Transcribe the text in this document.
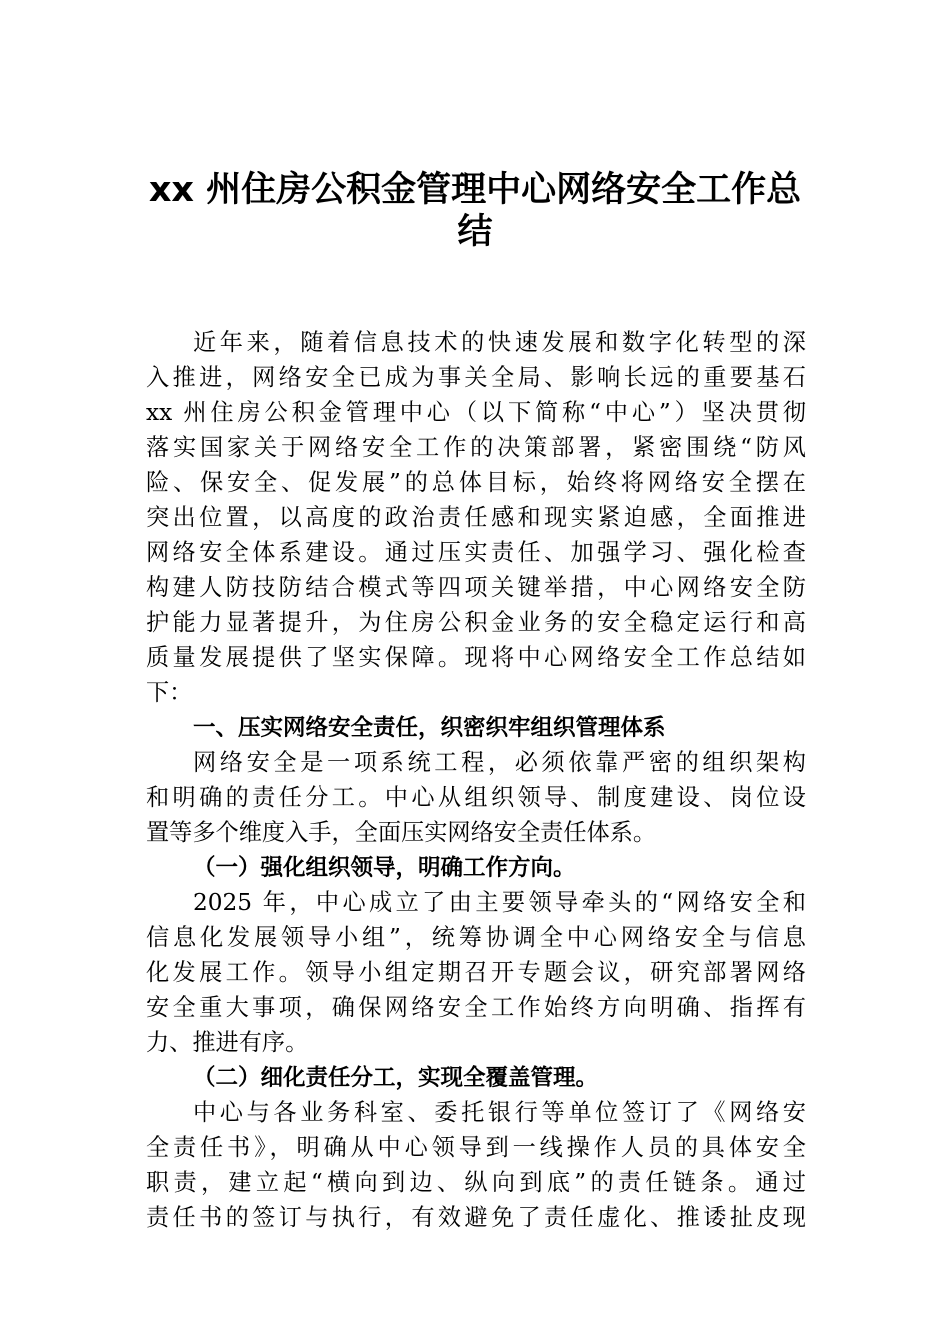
xx 州住房公积金管理中心网络安全工作总
结
近年来，随着信息技术的快速发展和数字化转型的深
入推进，网络安全已成为事关全局、影响长远的重要基石
xx 州住房公积金管理中心（以下简称“中心”）坚决贯彻
落实国家关于网络安全工作的决策部署，紧密围绕“防风
险、保安全、促发展”的总体目标，始终将网络安全摆在
突出位置，以高度的政治责任感和现实紧迫感，全面推进
网络安全体系建设。通过压实责任、加强学习、强化检查
构建人防技防结合模式等四项关键举措，中心网络安全防
护能力显著提升，为住房公积金业务的安全稳定运行和高
质量发展提供了坚实保障。现将中心网络安全工作总结如
下：
一、压实网络安全责任，织密织牢组织管理体系
网络安全是一项系统工程，必须依靠严密的组织架构
和明确的责任分工。中心从组织领导、制度建设、岗位设
置等多个维度入手，全面压实网络安全责任体系。
（一）强化组织领导，明确工作方向。
2025 年，中心成立了由主要领导牵头的“网络安全和
信息化发展领导小组”，统筹协调全中心网络安全与信息
化发展工作。领导小组定期召开专题会议，研究部署网络
安全重大事项，确保网络安全工作始终方向明确、指挥有
力、推进有序。
（二）细化责任分工，实现全覆盖管理。
中心与各业务科室、委托银行等单位签订了《网络安
全责任书》，明确从中心领导到一线操作人员的具体安全
职责，建立起“横向到边、纵向到底”的责任链条。通过
责任书的签订与执行，有效避免了责任虚化、推诿扯皮现
